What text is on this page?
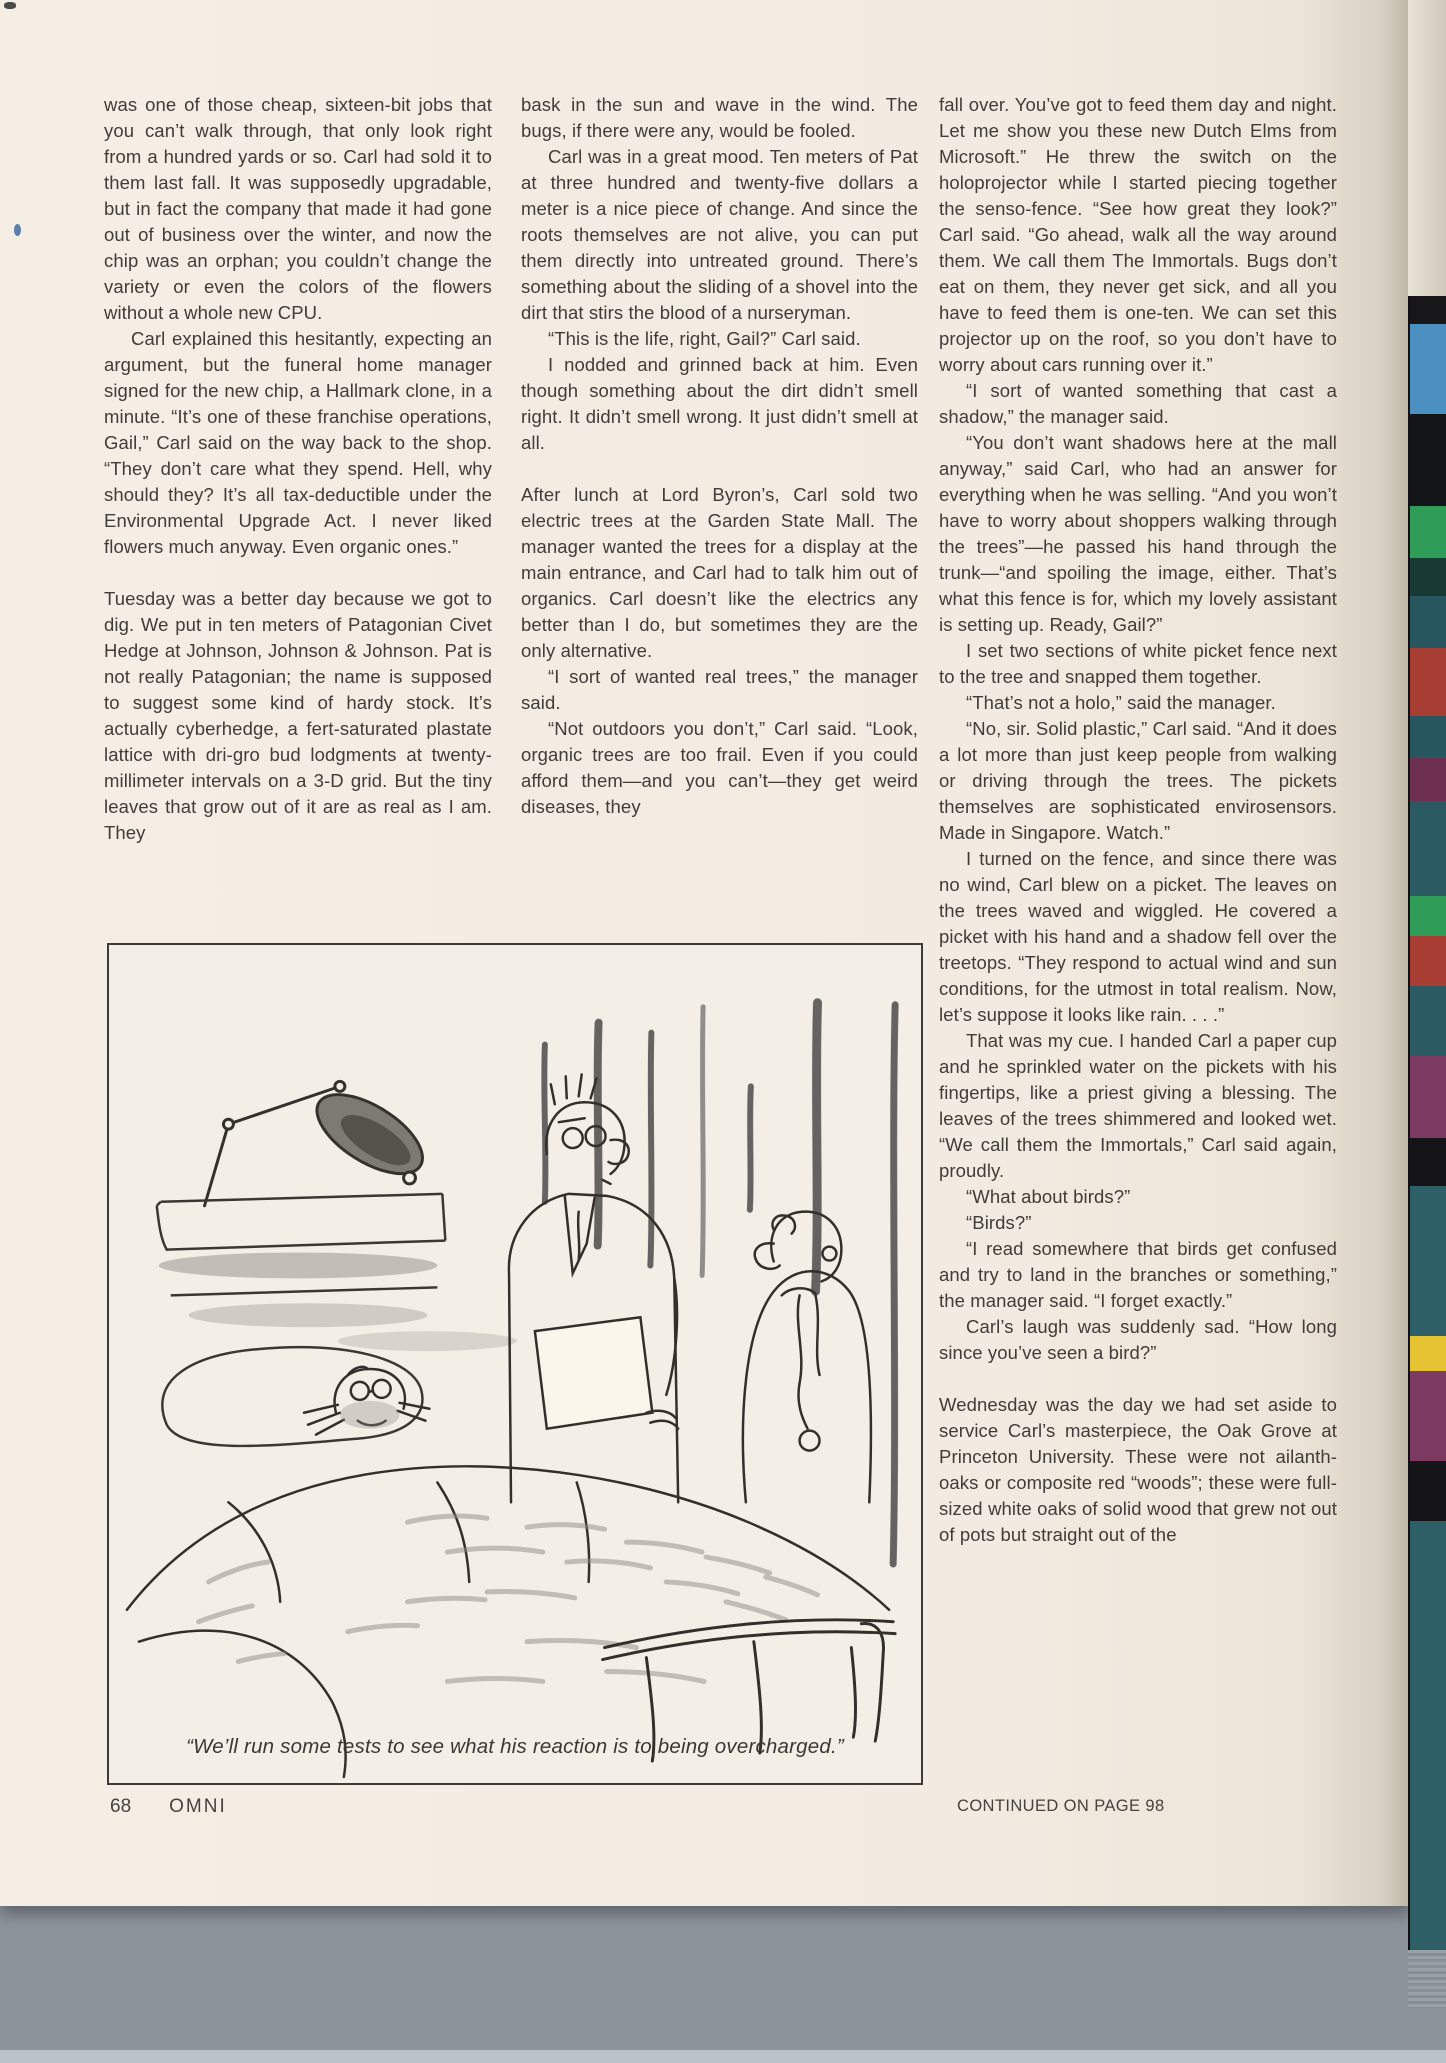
was one of those cheap, sixteen-bit jobs that you can’t walk through, that only look right from a hundred yards or so. Carl had sold it to them last fall. It was supposedly upgradable, but in fact the company that made it had gone out of business over the winter, and now the chip was an orphan; you couldn’t change the variety or even the colors of the flowers without a whole new CPU.

Carl explained this hesitantly, expecting an argument, but the funeral home manager signed for the new chip, a Hallmark clone, in a minute. “It’s one of these franchise operations, Gail,” Carl said on the way back to the shop. “They don’t care what they spend. Hell, why should they? It’s all tax-deductible under the Environmental Upgrade Act. I never liked flowers much anyway. Even organic ones.”

Tuesday was a better day because we got to dig. We put in ten meters of Patagonian Civet Hedge at Johnson, Johnson & Johnson. Pat is not really Patagonian; the name is supposed to suggest some kind of hardy stock. It’s actually cyberhedge, a fert-saturated plastate lattice with dri-gro bud lodgments at twenty-millimeter intervals on a 3-D grid. But the tiny leaves that grow out of it are as real as I am. They

bask in the sun and wave in the wind. The bugs, if there were any, would be fooled.

Carl was in a great mood. Ten meters of Pat at three hundred and twenty-five dollars a meter is a nice piece of change. And since the roots themselves are not alive, you can put them directly into untreated ground. There’s something about the sliding of a shovel into the dirt that stirs the blood of a nurseryman.

“This is the life, right, Gail?” Carl said.

I nodded and grinned back at him. Even though something about the dirt didn’t smell right. It didn’t smell wrong. It just didn’t smell at all.

After lunch at Lord Byron’s, Carl sold two electric trees at the Garden State Mall. The manager wanted the trees for a display at the main entrance, and Carl had to talk him out of organics. Carl doesn’t like the electrics any better than I do, but sometimes they are the only alternative.

“I sort of wanted real trees,” the manager said.

“Not outdoors you don’t,” Carl said. “Look, organic trees are too frail. Even if you could afford them—and you can’t—they get weird diseases, they

fall over. You’ve got to feed them day and night. Let me show you these new Dutch Elms from Microsoft.” He threw the switch on the holoprojector while I started piecing together the senso-fence. “See how great they look?” Carl said. “Go ahead, walk all the way around them. We call them The Immortals. Bugs don’t eat on them, they never get sick, and all you have to feed them is one-ten. We can set this projector up on the roof, so you don’t have to worry about cars running over it.”

“I sort of wanted something that cast a shadow,” the manager said.

“You don’t want shadows here at the mall anyway,” said Carl, who had an answer for everything when he was selling. “And you won’t have to worry about shoppers walking through the trees”—he passed his hand through the trunk—“and spoiling the image, either. That’s what this fence is for, which my lovely assistant is setting up. Ready, Gail?”

I set two sections of white picket fence next to the tree and snapped them together.

“That’s not a holo,” said the manager.

“No, sir. Solid plastic,” Carl said. “And it does a lot more than just keep people from walking or driving through the trees. The pickets themselves are sophisticated envirosensors. Made in Singapore. Watch.”

I turned on the fence, and since there was no wind, Carl blew on a picket. The leaves on the trees waved and wiggled. He covered a picket with his hand and a shadow fell over the treetops. “They respond to actual wind and sun conditions, for the utmost in total realism. Now, let’s suppose it looks like rain. . . .”

That was my cue. I handed Carl a paper cup and he sprinkled water on the pickets with his fingertips, like a priest giving a blessing. The leaves of the trees shimmered and looked wet. “We call them the Immortals,” Carl said again, proudly.

“What about birds?”

“Birds?”

“I read somewhere that birds get confused and try to land in the branches or something,” the manager said. “I forget exactly.”

Carl’s laugh was suddenly sad. “How long since you’ve seen a bird?”

Wednesday was the day we had set aside to service Carl’s masterpiece, the Oak Grove at Princeton University. These were not ailanth-oaks or composite red “woods”; these were full-sized white oaks of solid wood that grew not out of pots but straight out of the

“We’ll run some tests to see what his reaction is to being overcharged.”
68 OMNI	CONTINUED ON PAGE 98
